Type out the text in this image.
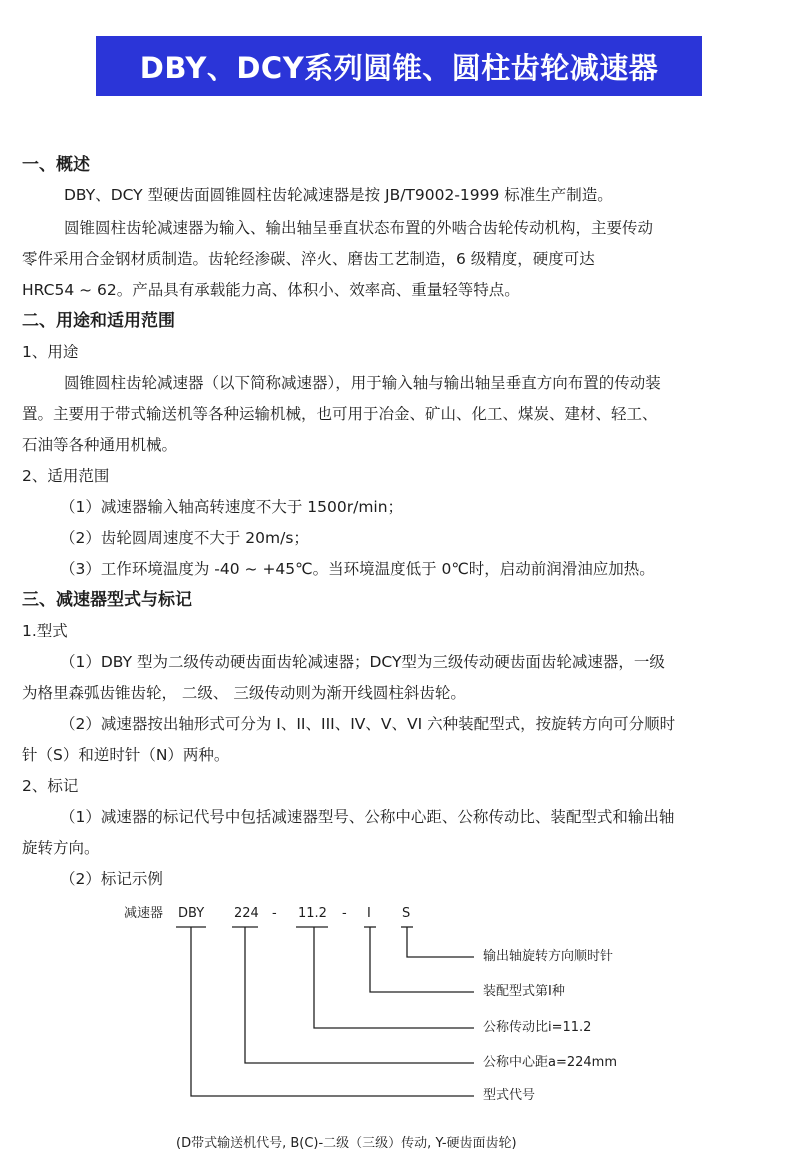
DBY、DCY系列圆锥、圆柱齿轮减速器
一、概述
DBY、DCY 型硬齿面圆锥圆柱齿轮减速器是按 JB/T9002-1999 标准生产制造。
圆锥圆柱齿轮减速器为输入、输出轴呈垂直状态布置的外啮合齿轮传动机构，主要传动
零件采用合金钢材质制造。齿轮经渗碳、淬火、磨齿工艺制造，6 级精度，硬度可达
HRC54 ~ 62。产品具有承载能力高、体积小、效率高、重量轻等特点。
二、用途和适用范围
1、用途
圆锥圆柱齿轮减速器（以下简称减速器），用于输入轴与输出轴呈垂直方向布置的传动装
置。主要用于带式输送机等各种运输机械，也可用于冶金、矿山、化工、煤炭、建材、轻工、
石油等各种通用机械。
2、适用范围
（1）减速器输入轴高转速度不大于 1500r/min；
（2）齿轮圆周速度不大于 20m/s；
（3）工作环境温度为 -40 ~ +45℃。当环境温度低于 0℃时，启动前润滑油应加热。
三、减速器型式与标记
1.型式
（1）DBY 型为二级传动硬齿面齿轮减速器；DCY型为三级传动硬齿面齿轮减速器，一级
为格里森弧齿锥齿轮， 二级、 三级传动则为渐开线圆柱斜齿轮。
（2）减速器按出轴形式可分为 I、II、III、IV、V、VI 六种装配型式，按旋转方向可分顺时
针（S）和逆时针（N）两种。
2、标记
（1）减速器的标记代号中包括减速器型号、公称中心距、公称传动比、装配型式和输出轴
旋转方向。
（2）标记示例
减速器 DBY 224 - 11.2 - I S
输出轴旋转方向顺时针
装配型式第I种
公称传动比i=11.2
公称中心距a=224mm
型式代号
(D带式输送机代号, B(C)-二级（三级）传动, Y-硬齿面齿轮)
